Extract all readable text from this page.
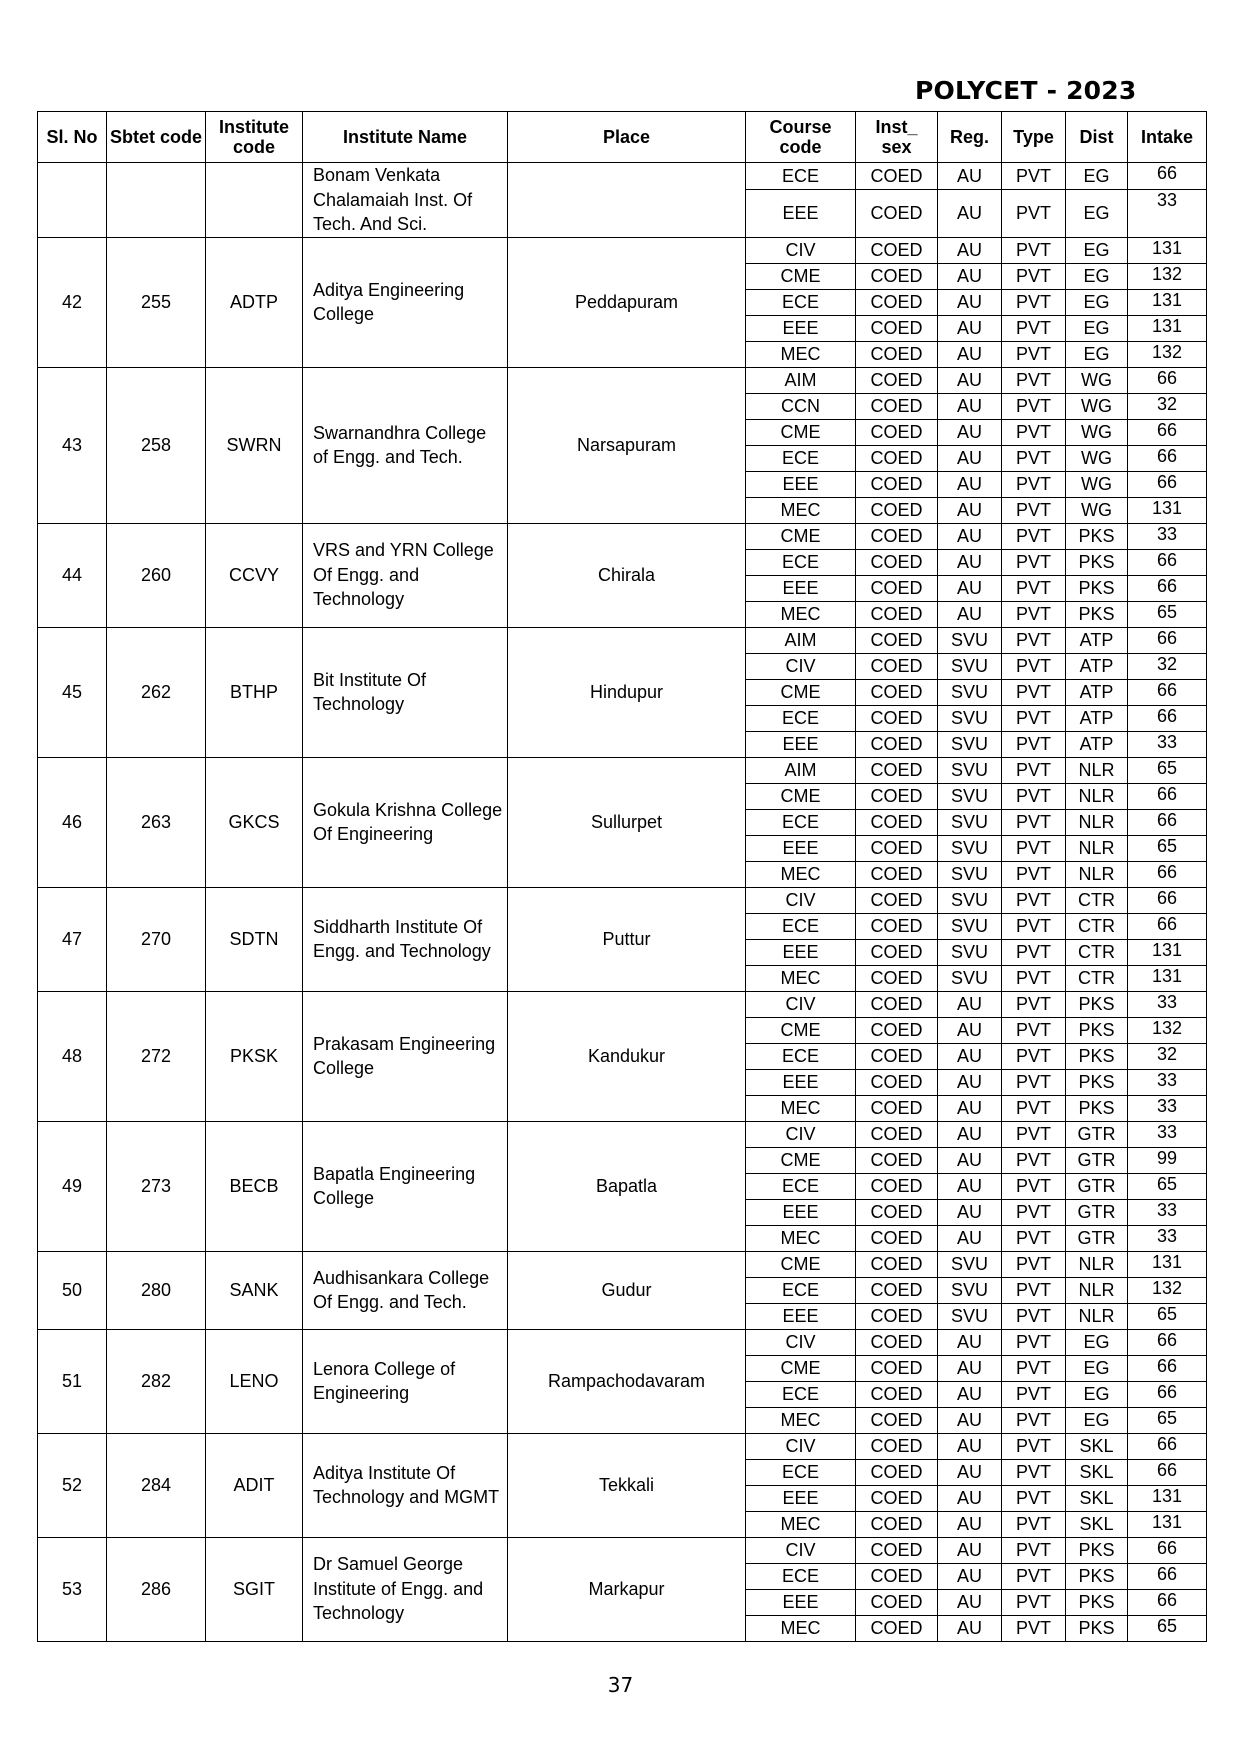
POLYCET - 2023
Sl. No	Sbtet code	Institute code	Institute Name	Place	Course code	Inst_ sex	Reg.	Type	Dist	Intake
			Bonam Venkata Chalamaiah Inst. Of Tech. And Sci.		ECE	COED	AU	PVT	EG	66
					EEE	COED	AU	PVT	EG	33
42	255	ADTP	Aditya Engineering College	Peddapuram	CIV	COED	AU	PVT	EG	131
					CME	COED	AU	PVT	EG	132
					ECE	COED	AU	PVT	EG	131
					EEE	COED	AU	PVT	EG	131
					MEC	COED	AU	PVT	EG	132
43	258	SWRN	Swarnandhra College of Engg. and Tech.	Narsapuram	AIM	COED	AU	PVT	WG	66
					CCN	COED	AU	PVT	WG	32
					CME	COED	AU	PVT	WG	66
					ECE	COED	AU	PVT	WG	66
					EEE	COED	AU	PVT	WG	66
					MEC	COED	AU	PVT	WG	131
44	260	CCVY	VRS and YRN College Of Engg. and Technology	Chirala	CME	COED	AU	PVT	PKS	33
					ECE	COED	AU	PVT	PKS	66
					EEE	COED	AU	PVT	PKS	66
					MEC	COED	AU	PVT	PKS	65
45	262	BTHP	Bit Institute Of Technology	Hindupur	AIM	COED	SVU	PVT	ATP	66
					CIV	COED	SVU	PVT	ATP	32
					CME	COED	SVU	PVT	ATP	66
					ECE	COED	SVU	PVT	ATP	66
					EEE	COED	SVU	PVT	ATP	33
46	263	GKCS	Gokula Krishna College Of Engineering	Sullurpet	AIM	COED	SVU	PVT	NLR	65
					CME	COED	SVU	PVT	NLR	66
					ECE	COED	SVU	PVT	NLR	66
					EEE	COED	SVU	PVT	NLR	65
					MEC	COED	SVU	PVT	NLR	66
47	270	SDTN	Siddharth Institute Of Engg. and Technology	Puttur	CIV	COED	SVU	PVT	CTR	66
					ECE	COED	SVU	PVT	CTR	66
					EEE	COED	SVU	PVT	CTR	131
					MEC	COED	SVU	PVT	CTR	131
48	272	PKSK	Prakasam Engineering College	Kandukur	CIV	COED	AU	PVT	PKS	33
					CME	COED	AU	PVT	PKS	132
					ECE	COED	AU	PVT	PKS	32
					EEE	COED	AU	PVT	PKS	33
					MEC	COED	AU	PVT	PKS	33
49	273	BECB	Bapatla Engineering College	Bapatla	CIV	COED	AU	PVT	GTR	33
					CME	COED	AU	PVT	GTR	99
					ECE	COED	AU	PVT	GTR	65
					EEE	COED	AU	PVT	GTR	33
					MEC	COED	AU	PVT	GTR	33
50	280	SANK	Audhisankara College Of Engg. and Tech.	Gudur	CME	COED	SVU	PVT	NLR	131
					ECE	COED	SVU	PVT	NLR	132
					EEE	COED	SVU	PVT	NLR	65
51	282	LENO	Lenora College of Engineering	Rampachodavaram	CIV	COED	AU	PVT	EG	66
					CME	COED	AU	PVT	EG	66
					ECE	COED	AU	PVT	EG	66
					MEC	COED	AU	PVT	EG	65
52	284	ADIT	Aditya Institute Of Technology and MGMT	Tekkali	CIV	COED	AU	PVT	SKL	66
					ECE	COED	AU	PVT	SKL	66
					EEE	COED	AU	PVT	SKL	131
					MEC	COED	AU	PVT	SKL	131
53	286	SGIT	Dr Samuel George Institute of Engg. and Technology	Markapur	CIV	COED	AU	PVT	PKS	66
					ECE	COED	AU	PVT	PKS	66
					EEE	COED	AU	PVT	PKS	66
					MEC	COED	AU	PVT	PKS	65
37
